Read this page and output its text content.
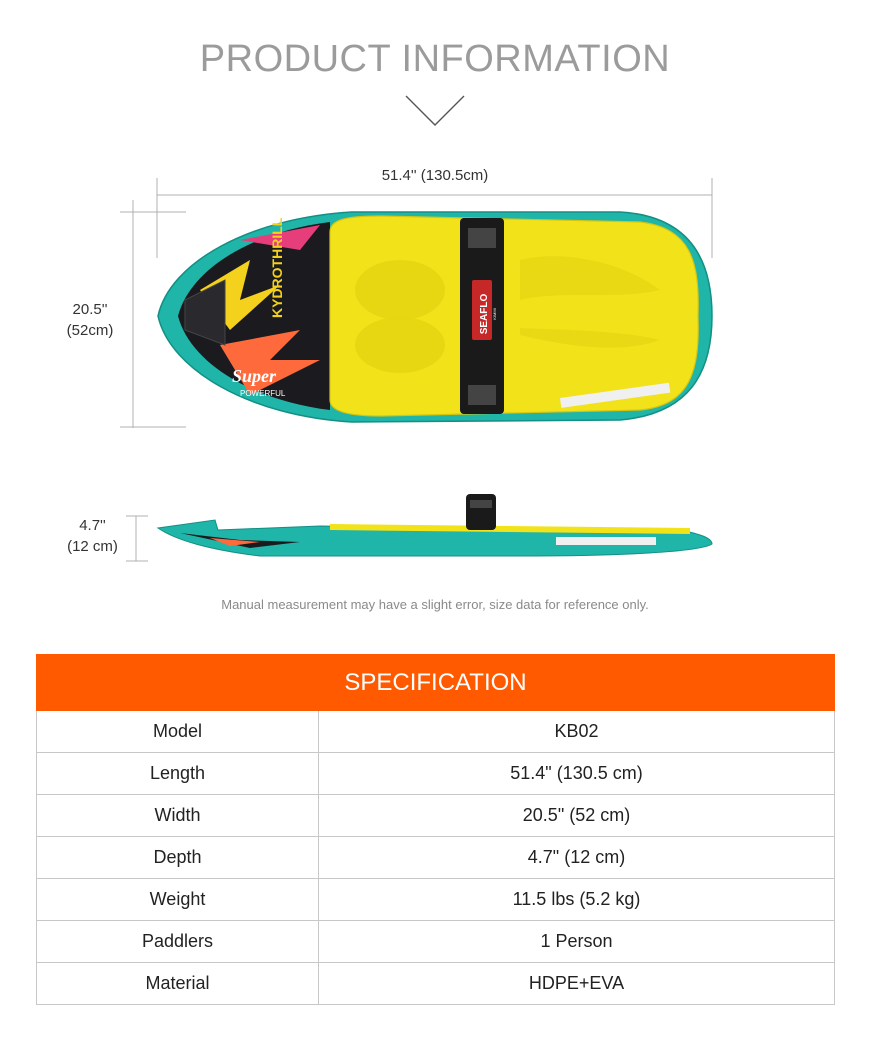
PRODUCT INFORMATION
51.4'' (130.5cm)
20.5''
(52cm)
4.7''
(12 cm)
KYDROTHRILL
Super
POWERFUL
SEAFLO KIMMI
Manual measurement may have a slight error, size data for reference only.
SPECIFICATION
Model	KB02
Length	51.4" (130.5 cm)
Width	20.5" (52 cm)
Depth	4.7" (12 cm)
Weight	11.5 lbs (5.2 kg)
Paddlers	1 Person
Material	HDPE+EVA
